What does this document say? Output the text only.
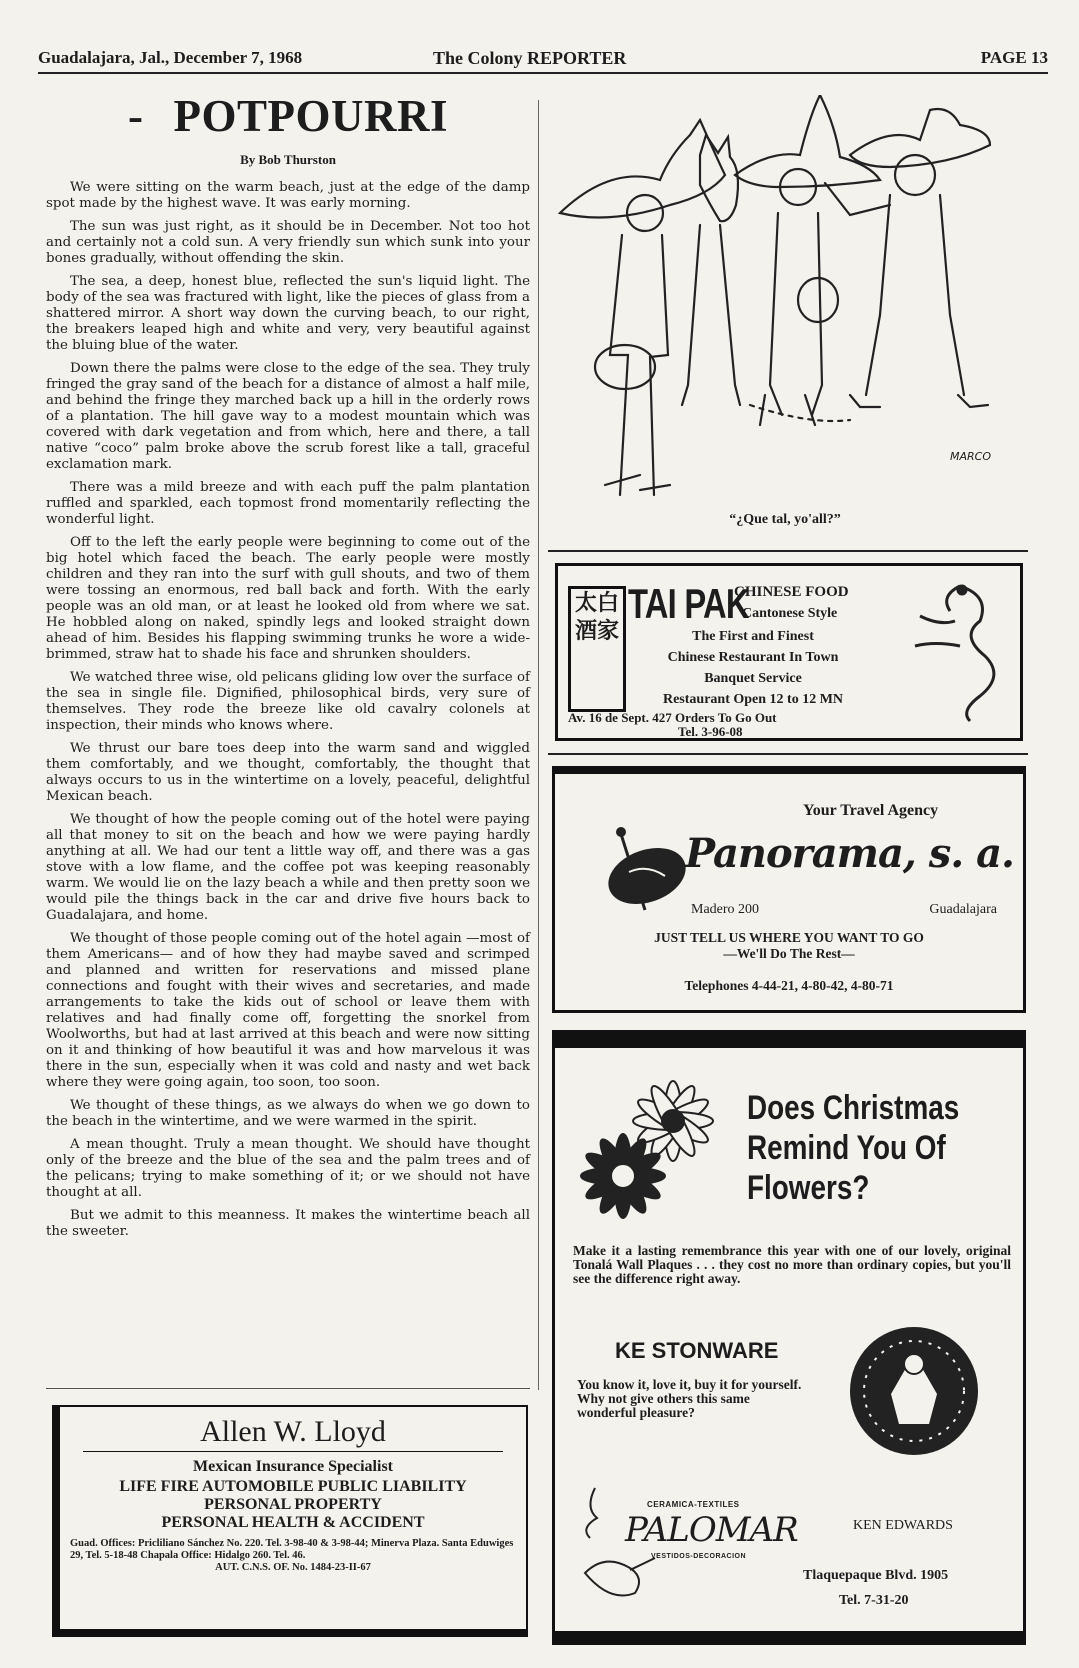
Guadalajara, Jal., December 7, 1968	The Colony REPORTER	PAGE 13
- POTPOURRI
By Bob Thurston

We were sitting on the warm beach, just at the edge of the damp spot made by the highest wave. It was early morning.

The sun was just right, as it should be in December. Not too hot and certainly not a cold sun. A very friendly sun which sunk into your bones gradually, without offending the skin.

The sea, a deep, honest blue, reflected the sun's liquid light. The body of the sea was fractured with light, like the pieces of glass from a shattered mirror. A short way down the curving beach, to our right, the breakers leaped high and white and very, very beautiful against the bluing blue of the water.

Down there the palms were close to the edge of the sea. They truly fringed the gray sand of the beach for a distance of almost a half mile, and behind the fringe they marched back up a hill in the orderly rows of a plantation. The hill gave way to a modest mountain which was covered with dark vegetation and from which, here and there, a tall native “coco” palm broke above the scrub forest like a tall, graceful exclamation mark.

There was a mild breeze and with each puff the palm plantation ruffled and sparkled, each topmost frond momentarily reflecting the wonderful light.

Off to the left the early people were beginning to come out of the big hotel which faced the beach. The early people were mostly children and they ran into the surf with gull shouts, and two of them were tossing an enormous, red ball back and forth. With the early people was an old man, or at least he looked old from where we sat. He hobbled along on naked, spindly legs and looked straight down ahead of him. Besides his flapping swimming trunks he wore a wide-brimmed, straw hat to shade his face and shrunken shoulders.

We watched three wise, old pelicans gliding low over the surface of the sea in single file. Dignified, philosophical birds, very sure of themselves. They rode the breeze like old cavalry colonels at inspection, their minds who knows where.

We thrust our bare toes deep into the warm sand and wiggled them comfortably, and we thought, comfortably, the thought that always occurs to us in the wintertime on a lovely, peaceful, delightful Mexican beach.

We thought of how the people coming out of the hotel were paying all that money to sit on the beach and how we were paying hardly anything at all. We had our tent a little way off, and there was a gas stove with a low flame, and the coffee pot was keeping reasonably warm. We would lie on the lazy beach a while and then pretty soon we would pile the things back in the car and drive five hours back to Guadalajara, and home.

We thought of those people coming out of the hotel again —most of them Americans— and of how they had maybe saved and scrimped and planned and written for reservations and missed plane connections and fought with their wives and secretaries, and made arrangements to take the kids out of school or leave them with relatives and had finally come off, forgetting the snorkel from Woolworths, but had at last arrived at this beach and were now sitting on it and thinking of how beautiful it was and how marvelous it was there in the sun, especially when it was cold and nasty and wet back where they were going again, too soon, too soon.

We thought of these things, as we always do when we go down to the beach in the wintertime, and we were warmed in the spirit.

A mean thought. Truly a mean thought. We should have thought only of the breeze and the blue of the sea and the palm trees and of the pelicans; trying to make something of it; or we should not have thought at all.

But we admit to this meanness. It makes the wintertime beach all the sweeter.

Allen W. Lloyd
Mexican Insurance Specialist
LIFE FIRE AUTOMOBILE PUBLIC LIABILITY
PERSONAL PROPERTY
PERSONAL HEALTH & ACCIDENT
Guad. Offices: Pricliliano Sánchez No. 220. Tel. 3-98-40 & 3-98-44; Minerva Plaza. Santa Eduwiges 29, Tel. 5-18-48 Chapala Office: Hidalgo 260. Tel. 46.
AUT. C.N.S. OF. No. 1484-23-II-67
MARCO
“¿Que tal, yo'all?”
太白酒家
TAI PAK
CHINESE FOOD
Cantonese Style
The First and Finest
Chinese Restaurant In Town
Banquet Service
Restaurant Open 12 to 12 MN
Av. 16 de Sept. 427 Orders To Go Out
Tel. 3-96-08
Your Travel Agency
Panorama, s. a.
Madero 200	Guadalajara
JUST TELL US WHERE YOU WANT TO GO
—We'll Do The Rest—
Telephones 4-44-21, 4-80-42, 4-80-71
Does Christmas
Remind You Of
Flowers?
Make it a lasting remembrance this year with one of our lovely, original Tonalá Wall Plaques . . . they cost no more than ordinary copies, but you'll see the difference right away.
KE STONWARE
You know it, love it, buy it for yourself. Why not give others this same wonderful pleasure?
CERAMICA-TEXTILES
PALOMAR
VESTIDOS-DECORACION
KEN EDWARDS
Tlaquepaque Blvd. 1905
Tel. 7-31-20
